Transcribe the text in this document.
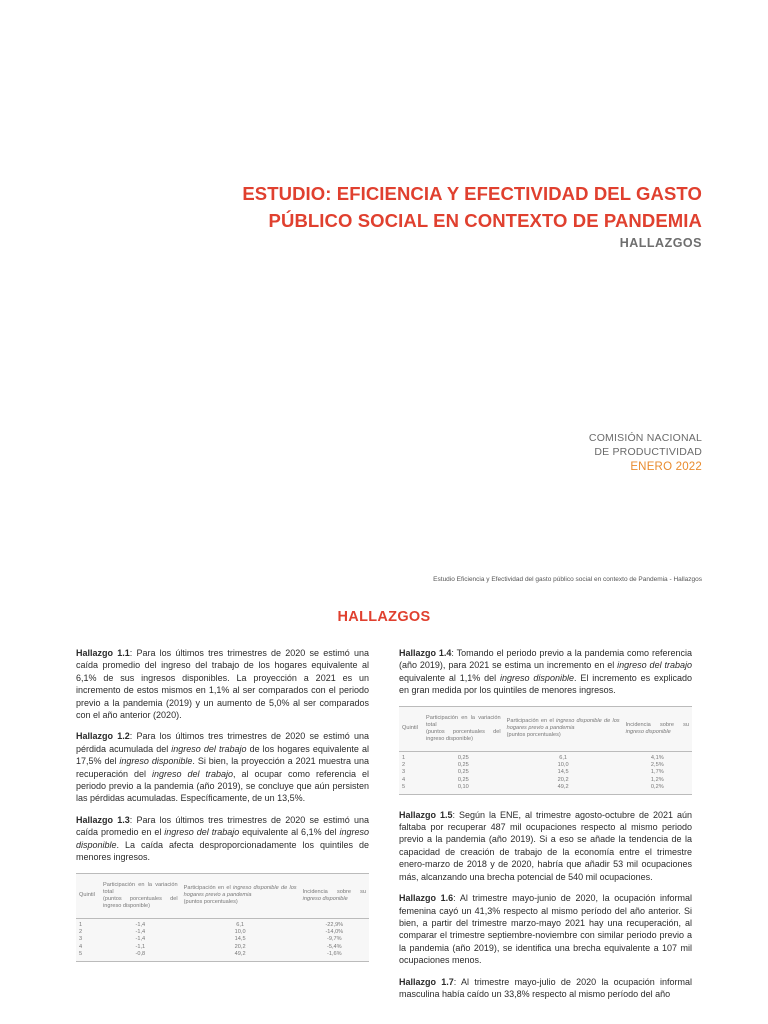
ESTUDIO: EFICIENCIA Y EFECTIVIDAD DEL GASTO
PÚBLICO SOCIAL EN CONTEXTO DE PANDEMIA
HALLAZGOS
COMISIÓN NACIONAL
DE PRODUCTIVIDAD
ENERO 2022
Estudio Eficiencia y Efectividad del gasto público social en contexto de Pandemia - Hallazgos
HALLAZGOS

Hallazgo 1.1: Para los últimos tres trimestres de 2020 se estimó una caída promedio del ingreso del trabajo de los hogares equivalente al 6,1% de sus ingresos disponibles. La proyección a 2021 es un incremento de estos mismos en 1,1% al ser comparados con el periodo previo a la pandemia (2019) y un aumento de 5,0% al ser comparados con el año anterior (2020).

Hallazgo 1.2: Para los últimos tres trimestres de 2020 se estimó una pérdida acumulada del ingreso del trabajo de los hogares equivalente al 17,5% del ingreso disponible. Si bien, la proyección a 2021 muestra una recuperación del ingreso del trabajo, al ocupar como referencia el periodo previo a la pandemia (año 2019), se concluye que aún persisten las pérdidas acumuladas. Específicamente, de un 13,5%.

Hallazgo 1.3: Para los últimos tres trimestres de 2020 se estimó una caída promedio en el ingreso del trabajo equivalente al 6,1% del ingreso disponible. La caída afecta desproporcionadamente los quintiles de menores ingresos.

Quintil	Participación en la variación total
(puntos porcentuales del ingreso disponible)	Participación en el ingreso disponible de los hogares previo a pandemia
(puntos porcentuales)	Incidencia sobre su ingreso disponible
1	-1,4	6,1	-22,9%
2	-1,4	10,0	-14,0%
3	-1,4	14,5	-9,7%
4	-1,1	20,2	-5,4%
5	-0,8	49,2	-1,6%

Hallazgo 1.4: Tomando el periodo previo a la pandemia como referencia (año 2019), para 2021 se estima un incremento en el ingreso del trabajo equivalente al 1,1% del ingreso disponible. El incremento es explicado en gran medida por los quintiles de menores ingresos.

Quintil	Participación en la variación total
(puntos porcentuales del ingreso disponible)	Participación en el ingreso disponible de los hogares previo a pandemia
(puntos porcentuales)	Incidencia sobre su ingreso disponible
1	0,25	6,1	4,1%
2	0,25	10,0	2,5%
3	0,25	14,5	1,7%
4	0,25	20,2	1,2%
5	0,10	49,2	0,2%

Hallazgo 1.5: Según la ENE, al trimestre agosto-octubre de 2021 aún faltaba por recuperar 487 mil ocupaciones respecto al mismo periodo previo a la pandemia (año 2019). Si a eso se añade la tendencia de la capacidad de creación de trabajo de la economía entre el trimestre enero-marzo de 2018 y de 2020, habría que añadir 53 mil ocupaciones más, alcanzando una brecha potencial de 540 mil ocupaciones.

Hallazgo 1.6: Al trimestre mayo-junio de 2020, la ocupación informal femenina cayó un 41,3% respecto al mismo período del año anterior. Si bien, a partir del trimestre marzo-mayo 2021 hay una recuperación, al comparar el trimestre septiembre-noviembre con similar periodo previo a la pandemia (año 2019), se identifica una brecha equivalente a 107 mil ocupaciones menos.

Hallazgo 1.7: Al trimestre mayo-julio de 2020 la ocupación informal masculina había caído un 33,8% respecto al mismo período del año
